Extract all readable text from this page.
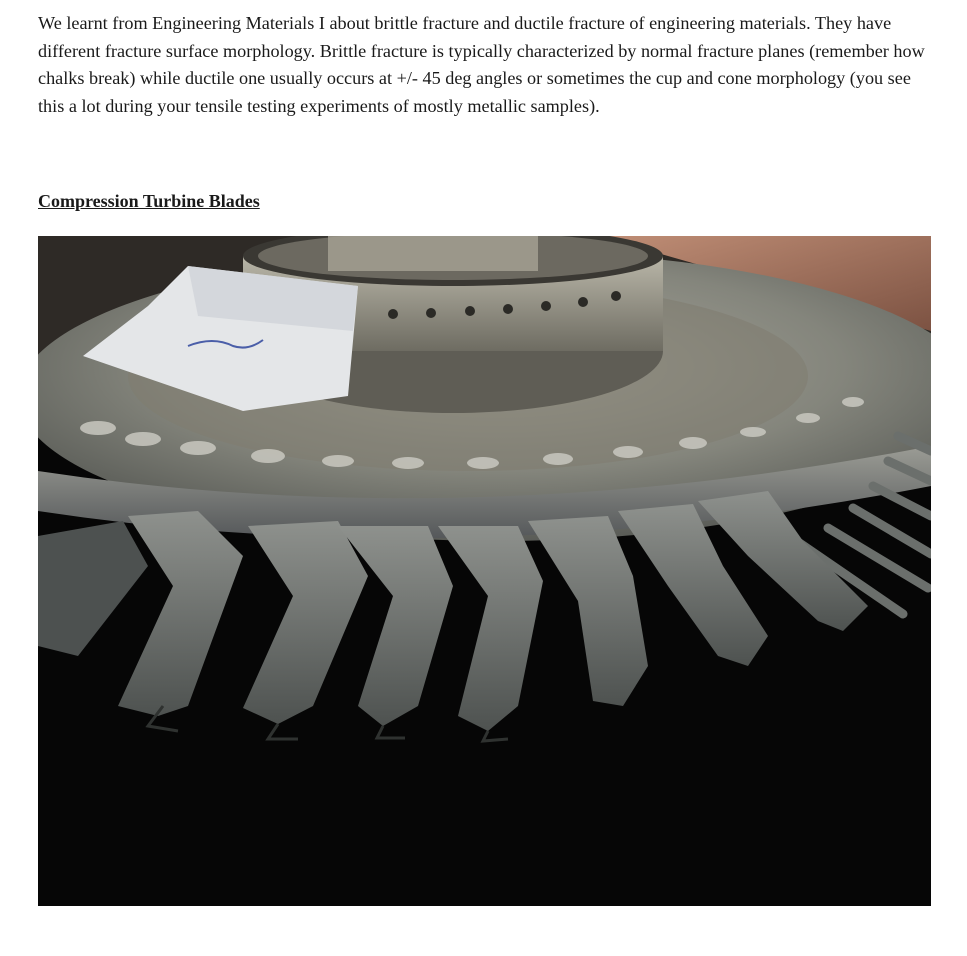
We learnt from Engineering Materials I about brittle fracture and ductile fracture of engineering materials. They have different fracture surface morphology. Brittle fracture is typically characterized by normal fracture planes (remember how chalks break) while ductile one usually occurs at +/- 45 deg angles or sometimes the cup and cone morphology (you see this a lot during your tensile testing experiments of mostly metallic samples).

Compression Turbine Blades
